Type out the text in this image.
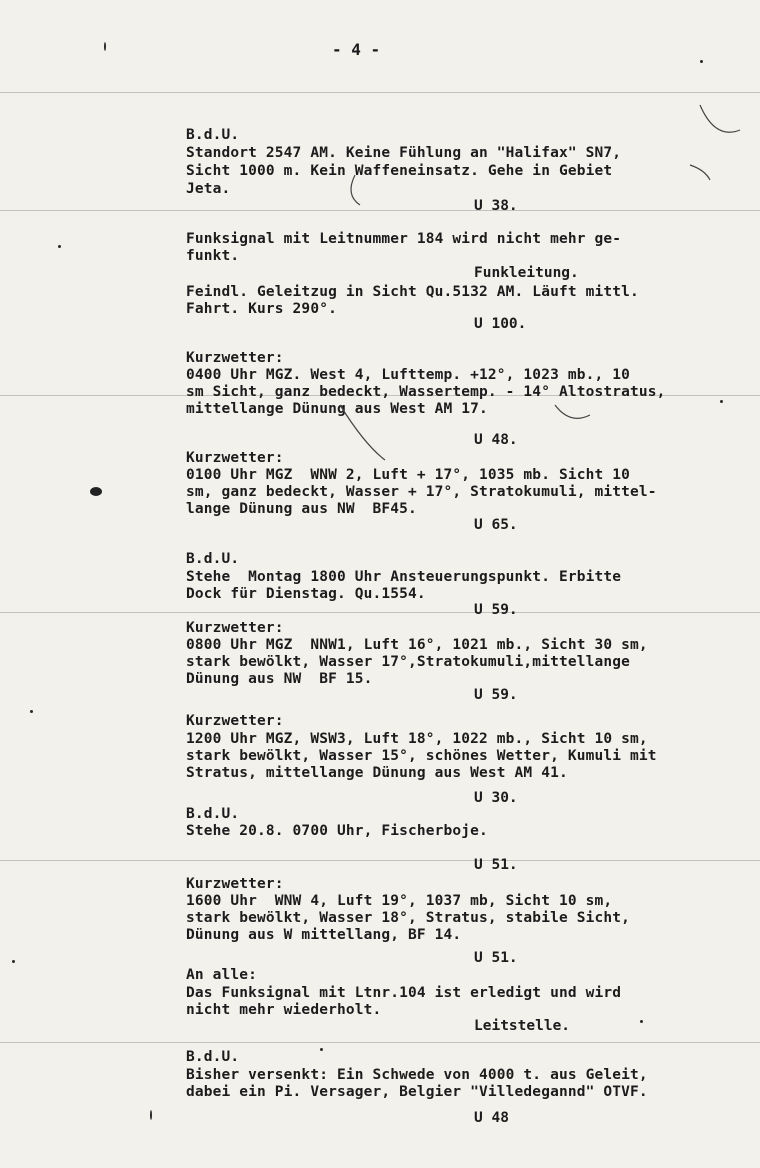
- 4 -
B.d.U.
Standort 2547 AM. Keine Fühlung an "Halifax" SN7,
Sicht 1000 m. Kein Waffeneinsatz. Gehe in Gebiet
Jeta.
U 38.
Funksignal mit Leitnummer 184 wird nicht mehr ge-
funkt.
Funkleitung.
Feindl. Geleitzug in Sicht Qu.5132 AM. Läuft mittl.
Fahrt. Kurs 290°.
U 100.
Kurzwetter:
0400 Uhr MGZ. West 4, Lufttemp. +12°, 1023 mb., 10
sm Sicht, ganz bedeckt, Wassertemp. - 14° Altostratus,
mittellange Dünung aus West AM 17.
U 48.
Kurzwetter:
0100 Uhr MGZ  WNW 2, Luft + 17°, 1035 mb. Sicht 10
sm, ganz bedeckt, Wasser + 17°, Stratokumuli, mittel-
lange Dünung aus NW  BF45.
U 65.
B.d.U.
Stehe  Montag 1800 Uhr Ansteuerungspunkt. Erbitte
Dock für Dienstag. Qu.1554.
U 59.
Kurzwetter:
0800 Uhr MGZ  NNW1, Luft 16°, 1021 mb., Sicht 30 sm,
stark bewölkt, Wasser 17°,Stratokumuli,mittellange
Dünung aus NW  BF 15.
U 59.
Kurzwetter:
1200 Uhr MGZ, WSW3, Luft 18°, 1022 mb., Sicht 10 sm,
stark bewölkt, Wasser 15°, schönes Wetter, Kumuli mit
Stratus, mittellange Dünung aus West AM 41.
U 30.
B.d.U.
Stehe 20.8. 0700 Uhr, Fischerboje.
U 51.
Kurzwetter:
1600 Uhr  WNW 4, Luft 19°, 1037 mb, Sicht 10 sm,
stark bewölkt, Wasser 18°, Stratus, stabile Sicht,
Dünung aus W mittellang, BF 14.
U 51.
An alle:
Das Funksignal mit Ltnr.104 ist erledigt und wird
nicht mehr wiederholt.
Leitstelle.
B.d.U.
Bisher versenkt: Ein Schwede von 4000 t. aus Geleit,
dabei ein Pi. Versager, Belgier "Villedegannd" OTVF.
U 48
